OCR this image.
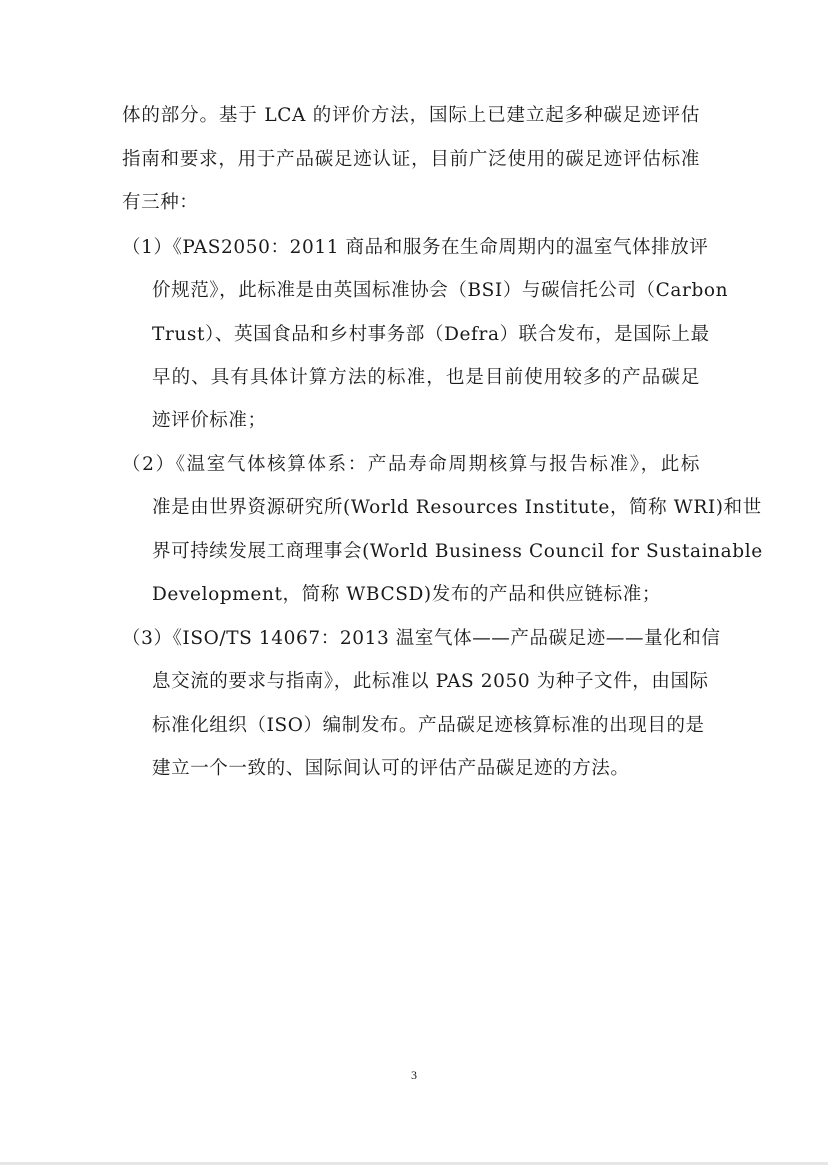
体的部分。基于 LCA 的评价方法，国际上已建立起多种碳足迹评估
指南和要求，用于产品碳足迹认证，目前广泛使用的碳足迹评估标准
有三种：
（1）《PAS2050：2011 商品和服务在生命周期内的温室气体排放评
价规范》，此标准是由英国标准协会（BSI）与碳信托公司（Carbon
Trust）、英国食品和乡村事务部（Defra）联合发布，是国际上最
早的、具有具体计算方法的标准，也是目前使用较多的产品碳足
迹评价标准；
（2）《温室气体核算体系：产品寿命周期核算与报告标准》，此标
准是由世界资源研究所(World Resources Institute，简称 WRI)和世
界可持续发展工商理事会(World Business Council for Sustainable
Development，简称 WBCSD)发布的产品和供应链标准；
（3）《ISO/TS 14067：2013 温室气体——产品碳足迹——量化和信
息交流的要求与指南》，此标准以 PAS 2050 为种子文件，由国际
标准化组织（ISO）编制发布。产品碳足迹核算标准的出现目的是
建立一个一致的、国际间认可的评估产品碳足迹的方法。
3
